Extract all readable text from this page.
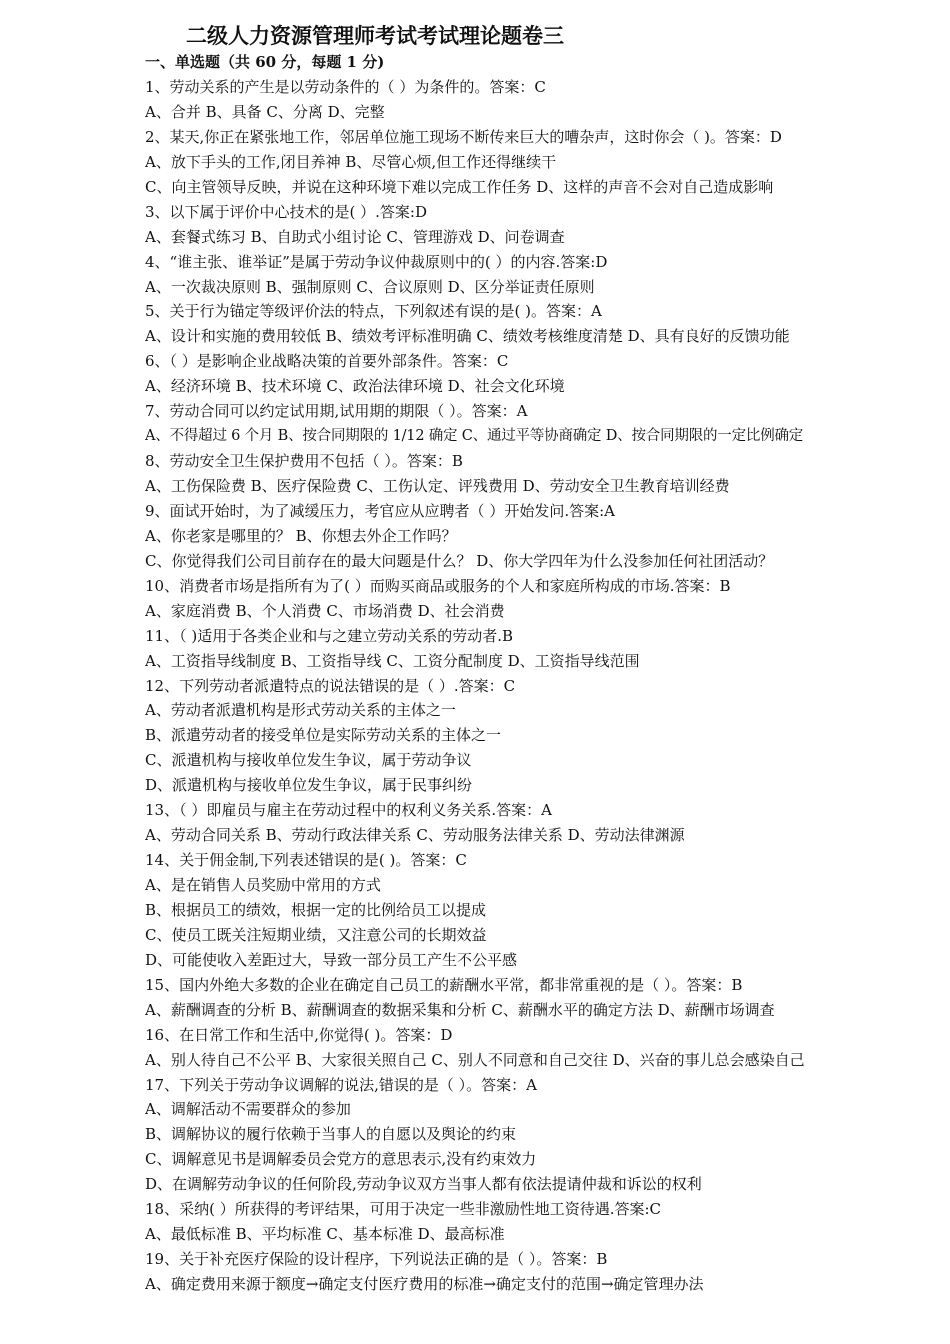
二级人力资源管理师考试考试理论题卷三
一、单选题（共 60 分，每题 1 分)
1、劳动关系的产生是以劳动条件的（ ）为条件的。答案：C
A、合并 B、具备 C、分离 D、完整
2、某天,你正在紧张地工作，邻居单位施工现场不断传来巨大的嘈杂声，这时你会（ )。答案：D
A、放下手头的工作,闭目养神 B、尽管心烦,但工作还得继续干
C、向主管领导反映，并说在这种环境下难以完成工作任务 D、这样的声音不会对自己造成影响
3、以下属于评价中心技术的是( ）.答案:D
A、套餐式练习 B、自助式小组讨论 C、管理游戏 D、问卷调查
4、“谁主张、谁举证”是属于劳动争议仲裁原则中的( ）的内容.答案:D
A、一次裁决原则 B、强制原则 C、合议原则 D、区分举证责任原则
5、关于行为锚定等级评价法的特点，下列叙述有误的是( )。答案：A
A、设计和实施的费用较低 B、绩效考评标准明确 C、绩效考核维度清楚 D、具有良好的反馈功能
6、（ ）是影响企业战略决策的首要外部条件。答案：C
A、经济环境 B、技术环境 C、政治法律环境 D、社会文化环境
7、劳动合同可以约定试用期,试用期的期限（ ）。答案：A
A、不得超过 6 个月 B、按合同期限的 1/12 确定 C、通过平等协商确定 D、按合同期限的一定比例确定
8、劳动安全卫生保护费用不包括（ ）。答案：B
A、工伤保险费 B、医疗保险费 C、工伤认定、评残费用 D、劳动安全卫生教育培训经费
9、面试开始时，为了减缓压力，考官应从应聘者（ ）开始发问.答案:A
A、你老家是哪里的？ B、你想去外企工作吗？
C、你觉得我们公司目前存在的最大问题是什么？ D、你大学四年为什么没参加任何社团活动？
10、消费者市场是指所有为了( ）而购买商品或服务的个人和家庭所构成的市场.答案：B
A、家庭消费 B、个人消费 C、市场消费 D、社会消费
11、（ )适用于各类企业和与之建立劳动关系的劳动者.B
A、工资指导线制度 B、工资指导线 C、工资分配制度 D、工资指导线范围
12、下列劳动者派遣特点的说法错误的是（ ）.答案：C
A、劳动者派遣机构是形式劳动关系的主体之一
B、派遣劳动者的接受单位是实际劳动关系的主体之一
C、派遣机构与接收单位发生争议，属于劳动争议
D、派遣机构与接收单位发生争议，属于民事纠纷
13、（ ）即雇员与雇主在劳动过程中的权利义务关系.答案：A
A、劳动合同关系 B、劳动行政法律关系 C、劳动服务法律关系 D、劳动法律渊源
14、关于佣金制,下列表述错误的是( )。答案：C
A、是在销售人员奖励中常用的方式
B、根据员工的绩效，根据一定的比例给员工以提成
C、使员工既关注短期业绩，又注意公司的长期效益
D、可能使收入差距过大，导致一部分员工产生不公平感
15、国内外绝大多数的企业在确定自己员工的薪酬水平常，都非常重视的是（ ）。答案：B
A、薪酬调查的分析 B、薪酬调查的数据采集和分析 C、薪酬水平的确定方法 D、薪酬市场调查
16、在日常工作和生活中,你觉得( )。答案：D
A、别人待自己不公平 B、大家很关照自己 C、别人不同意和自己交往 D、兴奋的事儿总会感染自己
17、下列关于劳动争议调解的说法,错误的是（ ）。答案：A
A、调解活动不需要群众的参加
B、调解协议的履行依赖于当事人的自愿以及舆论的约束
C、调解意见书是调解委员会党方的意思表示,没有约束效力
D、在调解劳动争议的任何阶段,劳动争议双方当事人都有依法提请仲裁和诉讼的权利
18、采纳( ）所获得的考评结果，可用于决定一些非激励性地工资待遇.答案:C
A、最低标准 B、平均标准 C、基本标准 D、最高标准
19、关于补充医疗保险的设计程序，下列说法正确的是（ ）。答案：B
A、确定费用来源于额度→确定支付医疗费用的标准→确定支付的范围→确定管理办法
